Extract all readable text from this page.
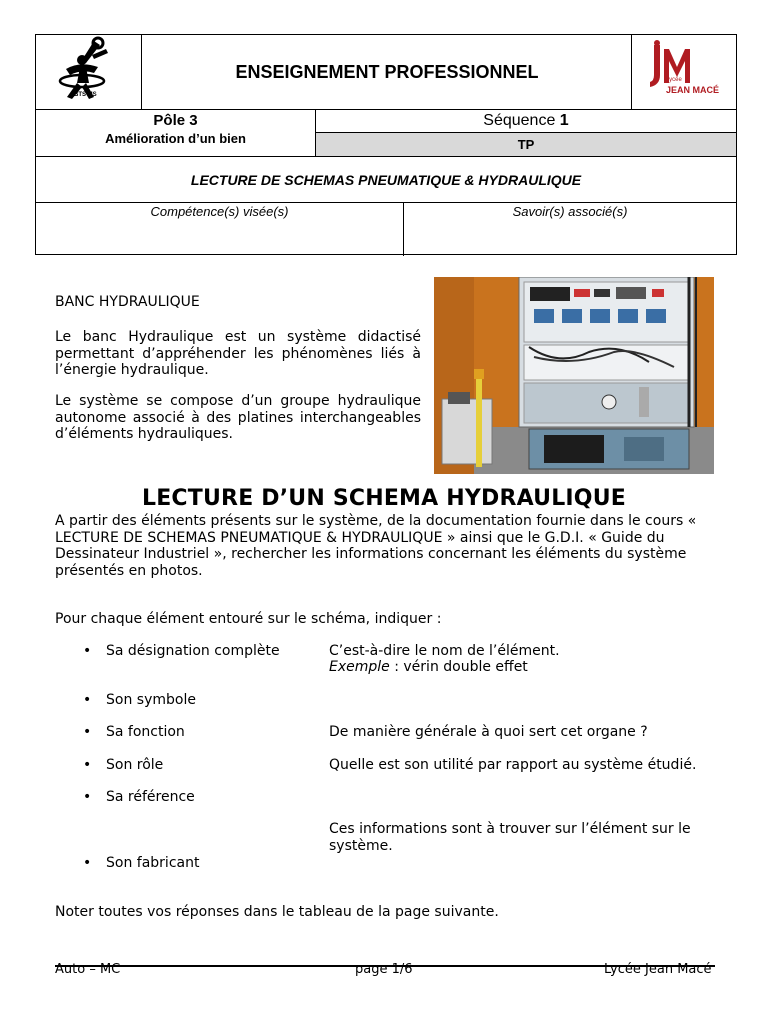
BTS MS
ENSEIGNEMENT PROFESSIONNEL	Lycée
JEAN MACÉ
Pôle 3
Amélioration d’un bien
Séquence 1
TP
LECTURE DE SCHEMAS PNEUMATIQUE & HYDRAULIQUE
Compétence(s) visée(s)	Savoir(s) associé(s)
BANC HYDRAULIQUE
Le banc Hydraulique est un système didactisé permettant d’appréhender les phénomènes liés à l’énergie hydraulique.
Le système se compose d’un groupe hydraulique autonome associé à des platines interchangeables d’éléments hydrauliques.
LECTURE D’UN SCHEMA HYDRAULIQUE
A partir des éléments présents sur le système, de la documentation fournie dans le cours « LECTURE DE SCHEMAS PNEUMATIQUE & HYDRAULIQUE » ainsi que le G.D.I. « Guide du Dessinateur Industriel », rechercher les informations concernant les éléments du système présentés en photos.
Pour chaque élément entouré sur le schéma, indiquer :
• Sa désignation complète	C’est-à-dire le nom de l’élément.
Exemple : vérin double effet
• Son symbole
• Sa fonction	De manière générale à quoi sert cet organe ?
• Son rôle	Quelle est son utilité par rapport au système étudié.
• Sa référence
Ces informations sont à trouver sur l’élément sur le système.
• Son fabricant
Noter toutes vos réponses dans le tableau de la page suivante.
Auto – MC	page 1/6	Lycée Jean Macé
